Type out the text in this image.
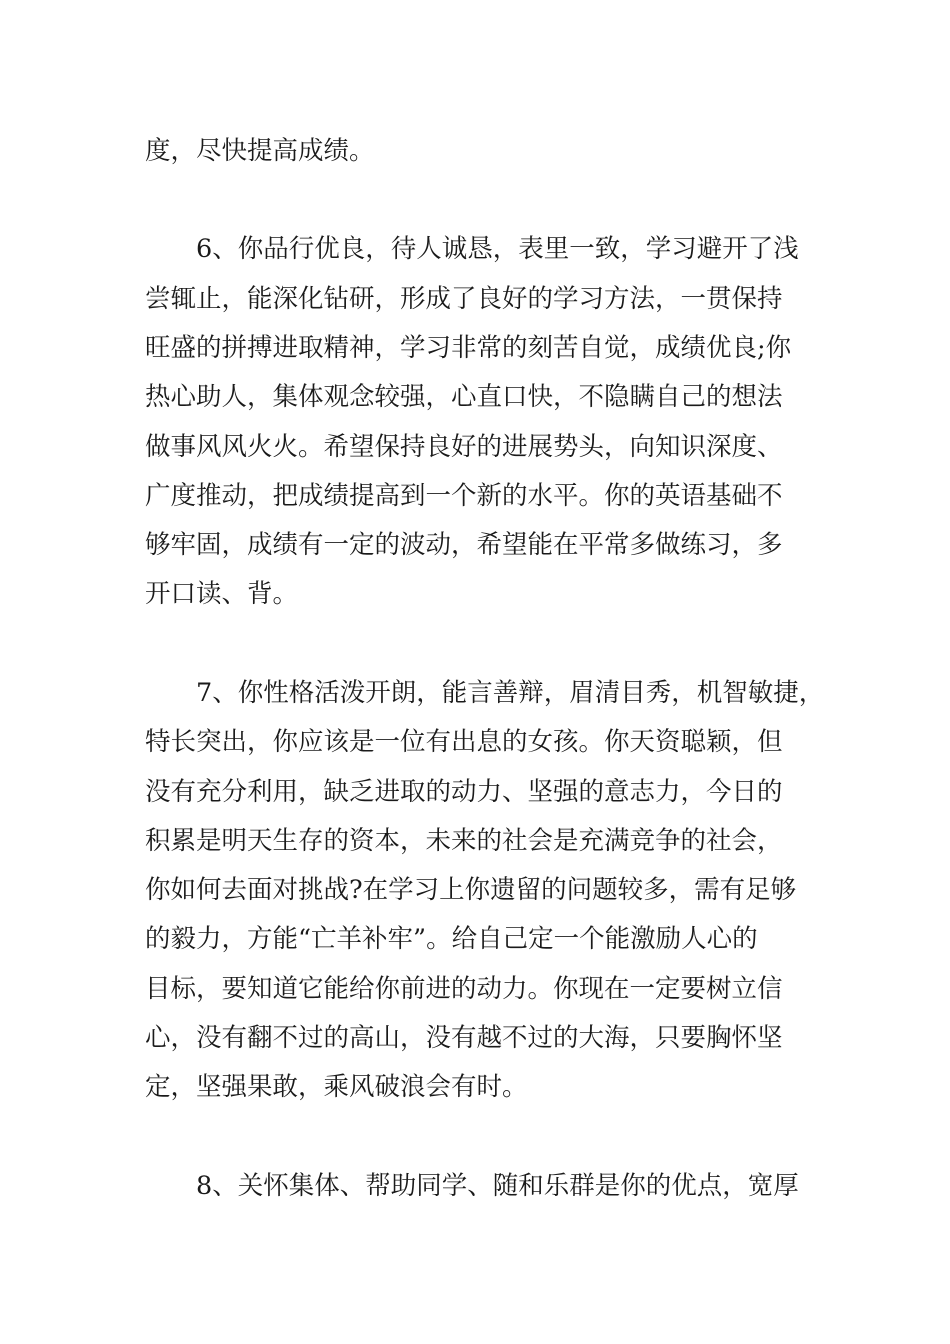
度，尽快提高成绩。

　　6、你品行优良，待人诚恳，表里一致，学习避开了浅

尝辄止，能深化钻研，形成了良好的学习方法，一贯保持

旺盛的拼搏进取精神，学习非常的刻苦自觉，成绩优良;你

热心助人，集体观念较强，心直口快，不隐瞒自己的想法

做事风风火火。希望保持良好的进展势头，向知识深度、

广度推动，把成绩提高到一个新的水平。你的英语基础不

够牢固，成绩有一定的波动，希望能在平常多做练习，多

开口读、背。

　　7、你性格活泼开朗，能言善辩，眉清目秀，机智敏捷，

特长突出，你应该是一位有出息的女孩。你天资聪颖，但

没有充分利用，缺乏进取的动力、坚强的意志力，今日的

积累是明天生存的资本，未来的社会是充满竞争的社会，

你如何去面对挑战?在学习上你遗留的问题较多，需有足够

的毅力，方能“亡羊补牢”。给自己定一个能激励人心的

目标，要知道它能给你前进的动力。你现在一定要树立信

心，没有翻不过的高山，没有越不过的大海，只要胸怀坚

定，坚强果敢，乘风破浪会有时。

　　8、关怀集体、帮助同学、随和乐群是你的优点，宽厚
